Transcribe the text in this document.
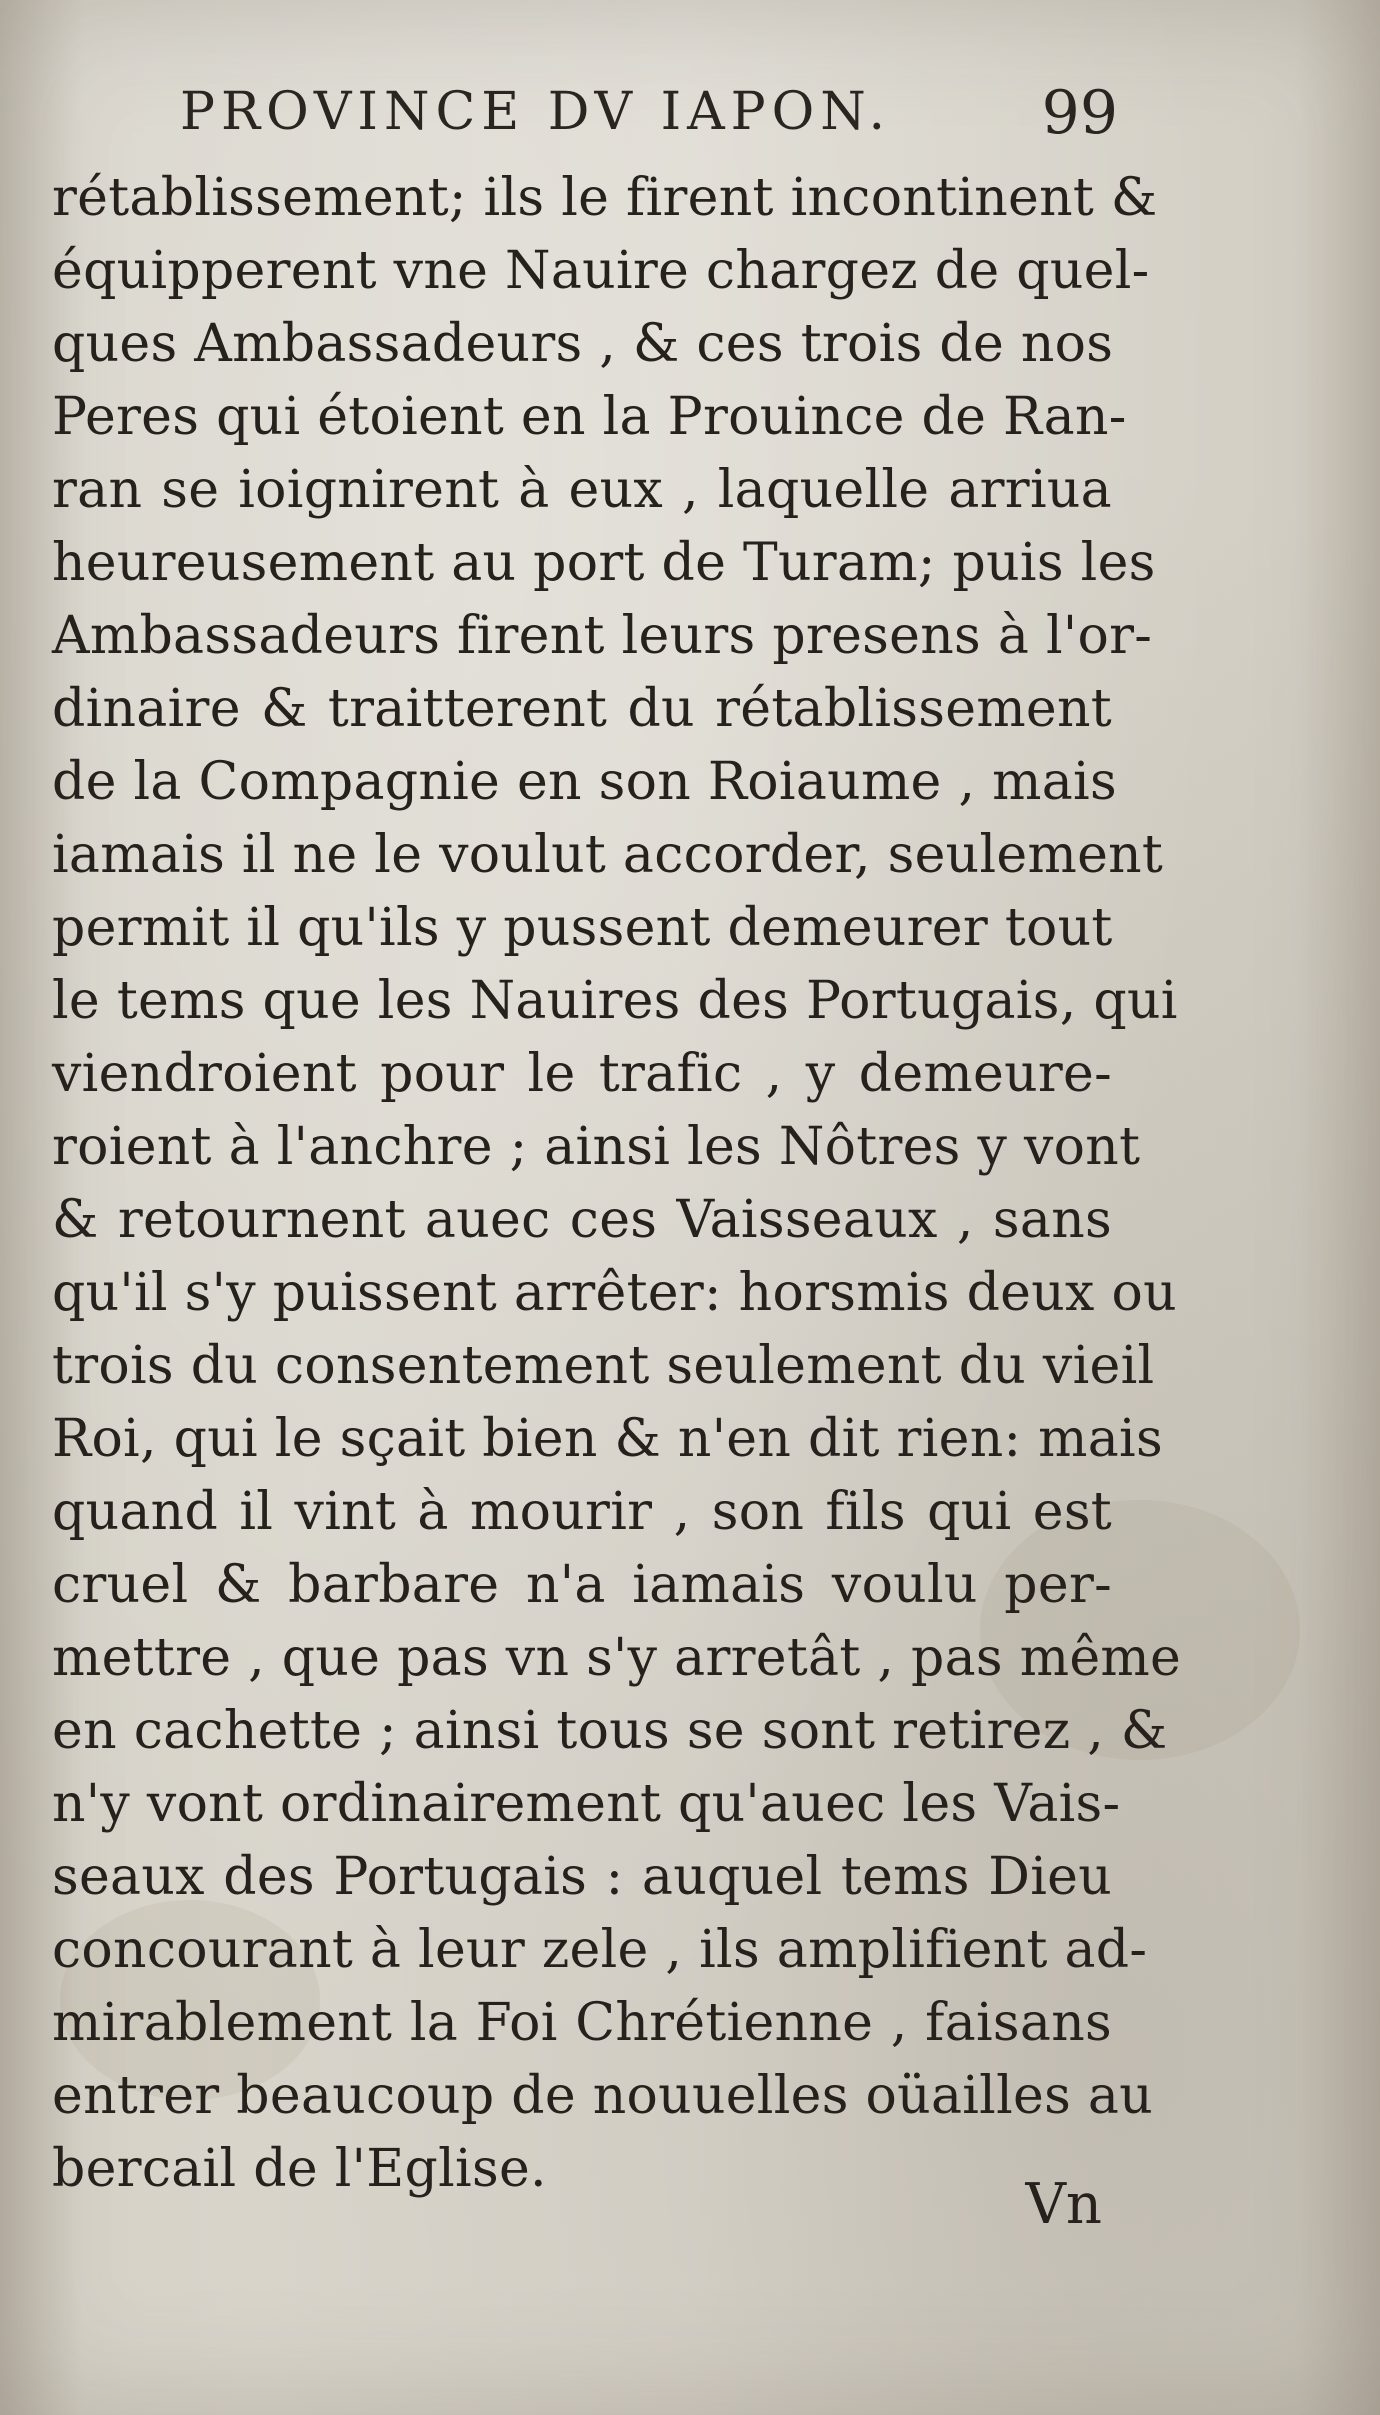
PROVINCE DV IAPON.	99
rétablissement; ils le firent incontinent &
équipperent vne Nauire chargez de quel-
ques Ambassadeurs , & ces trois de nos
Peres qui étoient en la Prouince de Ran-
ran se ioignirent à eux , laquelle arriua
heureusement au port de Turam; puis les
Ambassadeurs firent leurs presens à l'or-
dinaire & traitterent du rétablissement
de la Compagnie en son Roiaume , mais
iamais il ne le voulut accorder, seulement
permit il qu'ils y pussent demeurer tout
le tems que les Nauires des Portugais, qui
viendroient pour le trafic , y demeure-
roient à l'anchre ; ainsi les Nôtres y vont
& retournent auec ces Vaisseaux , sans
qu'il s'y puissent arrêter: horsmis deux ou
trois du consentement seulement du vieil
Roi, qui le sçait bien & n'en dit rien: mais
quand il vint à mourir , son fils qui est
cruel & barbare n'a iamais voulu per-
mettre , que pas vn s'y arretât , pas même
en cachette ; ainsi tous se sont retirez , &
n'y vont ordinairement qu'auec les Vais-
seaux des Portugais : auquel tems Dieu
concourant à leur zele , ils amplifient ad-
mirablement la Foi Chrétienne , faisans
entrer beaucoup de nouuelles oüailles au
bercail de l'Eglise.
Vn
